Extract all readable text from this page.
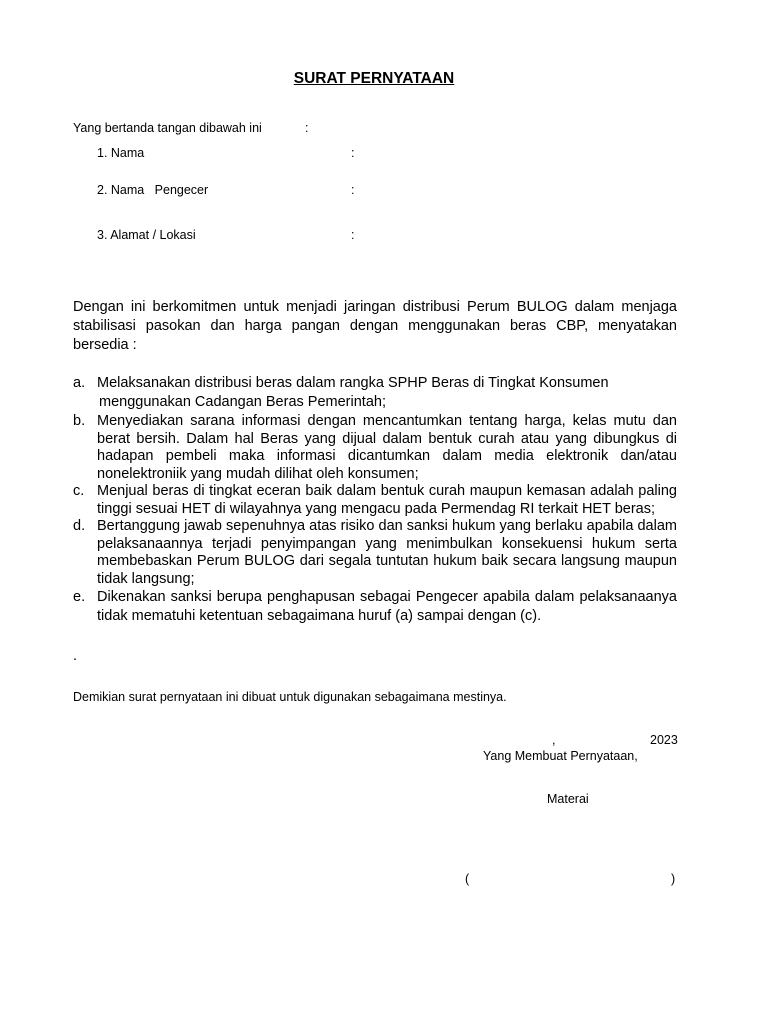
SURAT PERNYATAAN
Yang bertanda tangan dibawah ini	:
1. Nama	:
2. Nama   Pengecer	:
3. Alamat / Lokasi	:
Dengan ini berkomitmen untuk menjadi jaringan distribusi Perum BULOG dalam menjaga stabilisasi pasokan dan harga pangan dengan menggunakan beras CBP, menyatakan bersedia :
a. Melaksanakan distribusi beras dalam rangka SPHP Beras di Tingkat Konsumen
menggunakan Cadangan Beras Pemerintah;
b. Menyediakan sarana informasi dengan mencantumkan tentang harga, kelas mutu dan berat bersih. Dalam hal Beras yang dijual dalam bentuk curah atau yang dibungkus di hadapan pembeli maka informasi dicantumkan dalam media elektronik dan/atau nonelektroniik yang mudah dilihat oleh konsumen;
c. Menjual beras di tingkat eceran baik dalam bentuk curah maupun kemasan adalah paling tinggi sesuai HET di wilayahnya yang mengacu pada Permendag RI terkait HET beras;
d. Bertanggung jawab sepenuhnya atas risiko dan sanksi hukum yang berlaku apabila dalam pelaksanaannya terjadi penyimpangan yang menimbulkan konsekuensi hukum serta membebaskan Perum BULOG dari segala tuntutan hukum baik secara langsung maupun tidak langsung;
e. Dikenakan sanksi berupa penghapusan sebagai Pengecer apabila dalam pelaksanaanya tidak mematuhi ketentuan sebagaimana huruf (a) sampai dengan (c).
.
Demikian surat pernyataan ini dibuat untuk digunakan sebagaimana mestinya.
,	2023
Yang Membuat Pernyataan,
Materai
(	)
